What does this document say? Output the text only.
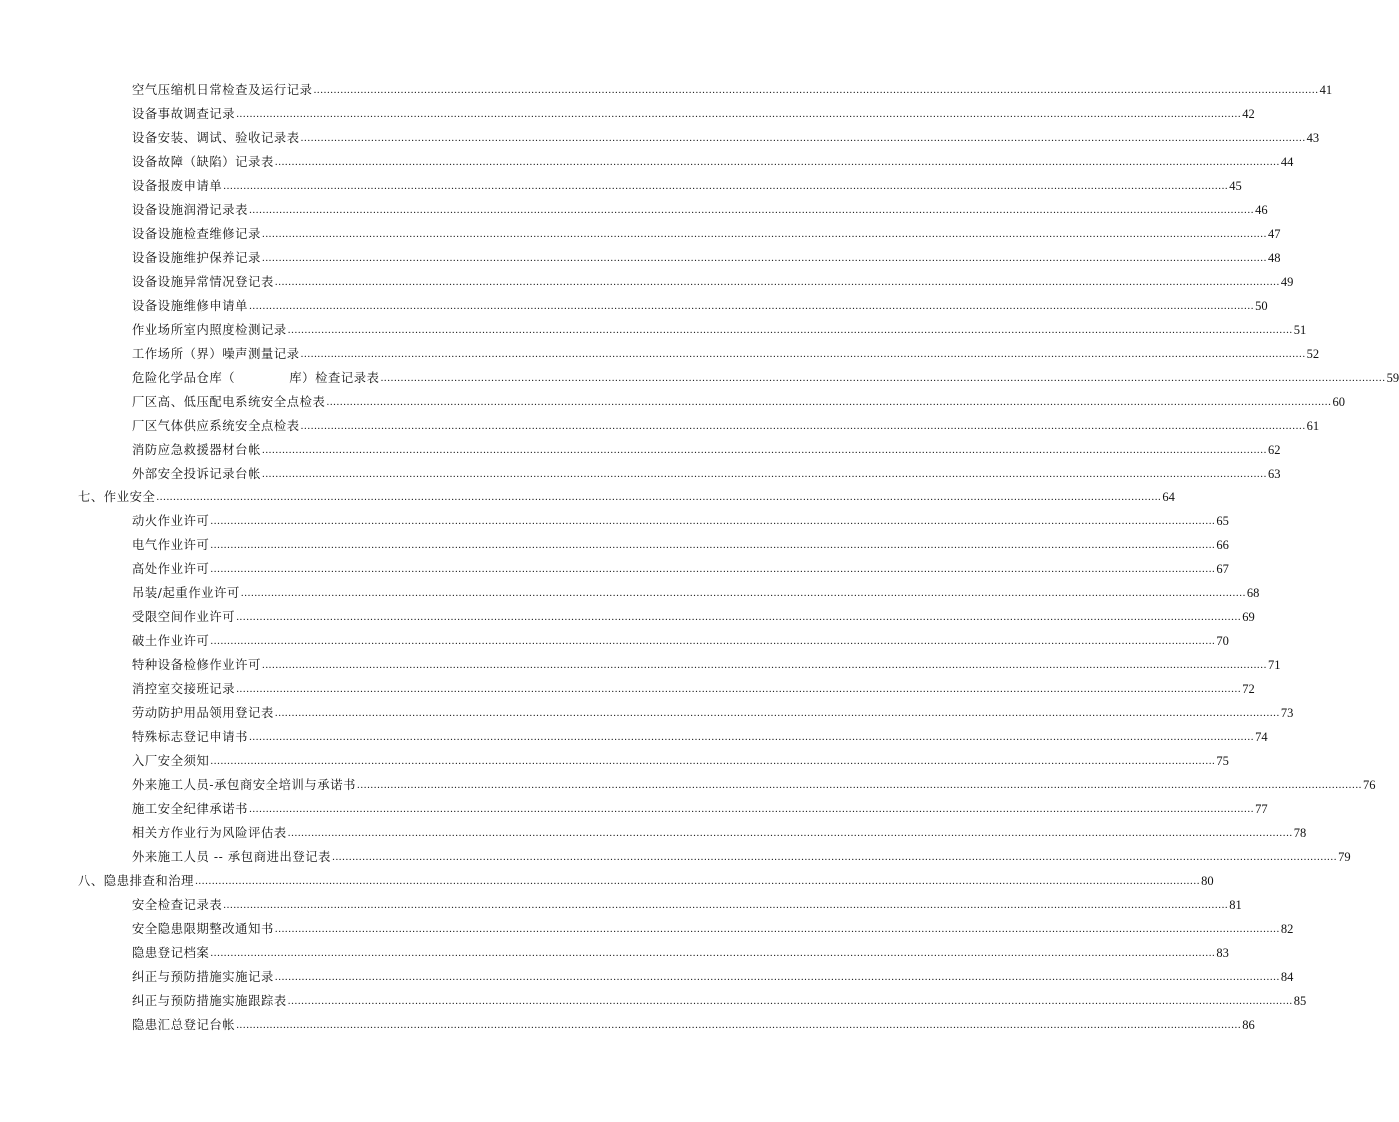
空气压缩机日常检查及运行记录 ............................................................................................................................................................................................................................................................................................................ 41
设备事故调查记录 ............................................................................................................................................................................................................................................................................................................ 42
设备安装、调试、验收记录表 ............................................................................................................................................................................................................................................................................................................ 43
设备故障（缺陷）记录表 ............................................................................................................................................................................................................................................................................................................ 44
设备报废申请单 ............................................................................................................................................................................................................................................................................................................ 45
设备设施润滑记录表 ............................................................................................................................................................................................................................................................................................................ 46
设备设施检查维修记录 ............................................................................................................................................................................................................................................................................................................ 47
设备设施维护保养记录 ............................................................................................................................................................................................................................................................................................................ 48
设备设施异常情况登记表 ............................................................................................................................................................................................................................................................................................................ 49
设备设施维修申请单 ............................................................................................................................................................................................................................................................................................................ 50
作业场所室内照度检测记录 ............................................................................................................................................................................................................................................................................................................ 51
工作场所（界）噪声测量记录 ............................................................................................................................................................................................................................................................................................................ 52
危险化学品仓库（            库）检查记录表 ............................................................................................................................................................................................................................................................................................................ 59
厂区高、低压配电系统安全点检表 ............................................................................................................................................................................................................................................................................................................ 60
厂区气体供应系统安全点检表 ............................................................................................................................................................................................................................................................................................................ 61
消防应急救援器材台帐 ............................................................................................................................................................................................................................................................................................................ 62
外部安全投诉记录台帐 ............................................................................................................................................................................................................................................................................................................ 63
七、作业安全 ............................................................................................................................................................................................................................................................................................................ 64
动火作业许可 ............................................................................................................................................................................................................................................................................................................ 65
电气作业许可 ............................................................................................................................................................................................................................................................................................................ 66
高处作业许可 ............................................................................................................................................................................................................................................................................................................ 67
吊装/起重作业许可 ............................................................................................................................................................................................................................................................................................................ 68
受限空间作业许可 ............................................................................................................................................................................................................................................................................................................ 69
破土作业许可 ............................................................................................................................................................................................................................................................................................................ 70
特种设备检修作业许可 ............................................................................................................................................................................................................................................................................................................ 71
消控室交接班记录 ............................................................................................................................................................................................................................................................................................................ 72
劳动防护用品领用登记表 ............................................................................................................................................................................................................................................................................................................ 73
特殊标志登记申请书 ............................................................................................................................................................................................................................................................................................................ 74
入厂安全须知 ............................................................................................................................................................................................................................................................................................................ 75
外来施工人员-承包商安全培训与承诺书 ............................................................................................................................................................................................................................................................................................................ 76
施工安全纪律承诺书 ............................................................................................................................................................................................................................................................................................................ 77
相关方作业行为风险评估表 ............................................................................................................................................................................................................................................................................................................ 78
外来施工人员 -- 承包商进出登记表 ............................................................................................................................................................................................................................................................................................................ 79
八、隐患排查和治理 ............................................................................................................................................................................................................................................................................................................ 80
安全检查记录表 ............................................................................................................................................................................................................................................................................................................ 81
安全隐患限期整改通知书 ............................................................................................................................................................................................................................................................................................................ 82
隐患登记档案 ............................................................................................................................................................................................................................................................................................................ 83
纠正与预防措施实施记录 ............................................................................................................................................................................................................................................................................................................ 84
纠正与预防措施实施跟踪表 ............................................................................................................................................................................................................................................................................................................ 85
隐患汇总登记台帐 ............................................................................................................................................................................................................................................................................................................ 86
